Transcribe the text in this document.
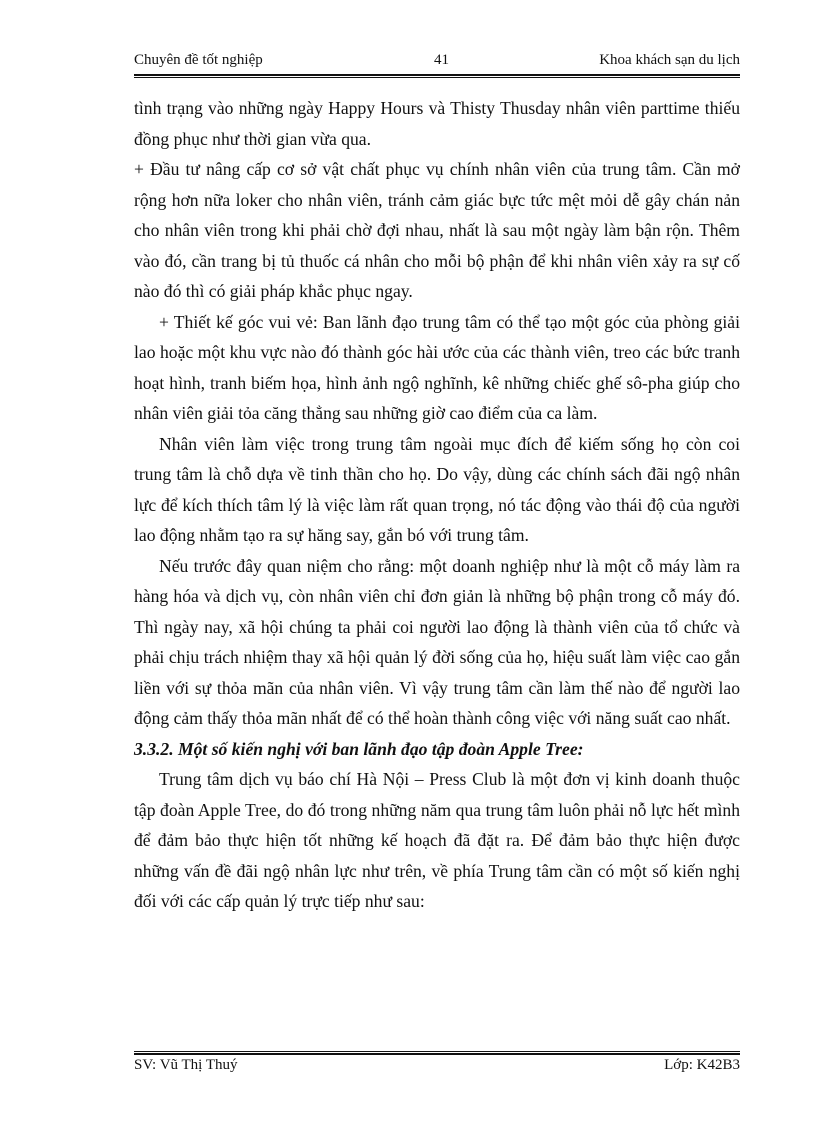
Chuyên đề tốt nghiệp	41	Khoa khách sạn du lịch

tình trạng vào những ngày Happy Hours và Thisty Thusday nhân viên parttime thiếu đồng phục như thời gian vừa qua.

+ Đầu tư nâng cấp cơ sở vật chất phục vụ chính nhân viên của trung tâm. Cần mở rộng hơn nữa loker cho nhân viên, tránh cảm giác bực tức mệt mỏi dễ gây chán nản cho nhân viên trong khi phải chờ đợi nhau, nhất là sau một ngày làm bận rộn. Thêm vào đó, cần trang bị tủ thuốc cá nhân cho mỗi bộ phận để khi nhân viên xảy ra sự cố nào đó thì có giải pháp khắc phục ngay.

+ Thiết kế góc vui vẻ: Ban lãnh đạo trung tâm có thể tạo một góc của phòng giải lao hoặc một khu vực nào đó thành góc hài ước của các thành viên, treo các bức tranh hoạt hình, tranh biếm họa, hình ảnh ngộ nghĩnh, kê những chiếc ghế sô-pha giúp cho nhân viên giải tỏa căng thẳng sau những giờ cao điểm của ca làm.

Nhân viên làm việc trong trung tâm ngoài mục đích để kiếm sống họ còn coi trung tâm là chỗ dựa về tinh thần cho họ. Do vậy, dùng các chính sách đãi ngộ nhân lực để kích thích tâm lý là việc làm rất quan trọng, nó tác động vào thái độ của người lao động nhằm tạo ra sự hăng say, gắn bó với trung tâm.

Nếu trước đây quan niệm cho rằng: một doanh nghiệp như là một cỗ máy làm ra hàng hóa và dịch vụ, còn nhân viên chỉ đơn giản là những bộ phận trong cỗ máy đó. Thì ngày nay, xã hội chúng ta phải coi người lao động là thành viên của tổ chức và phải chịu trách nhiệm thay xã hội quản lý đời sống của họ, hiệu suất làm việc cao gắn liền với sự thỏa mãn của nhân viên. Vì vậy trung tâm cần làm thế nào để người lao động cảm thấy thỏa mãn nhất để có thể hoàn thành công việc với năng suất cao nhất.

3.3.2. Một số kiến nghị với ban lãnh đạo tập đoàn Apple Tree:

Trung tâm dịch vụ báo chí Hà Nội – Press Club là một đơn vị kinh doanh thuộc tập đoàn Apple Tree, do đó trong những năm qua trung tâm luôn phải nỗ lực hết mình để đảm bảo thực hiện tốt những kế hoạch đã đặt ra. Để đảm bảo thực hiện được những vấn đề đãi ngộ nhân lực như trên, về phía Trung tâm cần có một số kiến nghị đối với các cấp quản lý trực tiếp như sau:

SV: Vũ Thị Thuý	Lớp: K42B3
